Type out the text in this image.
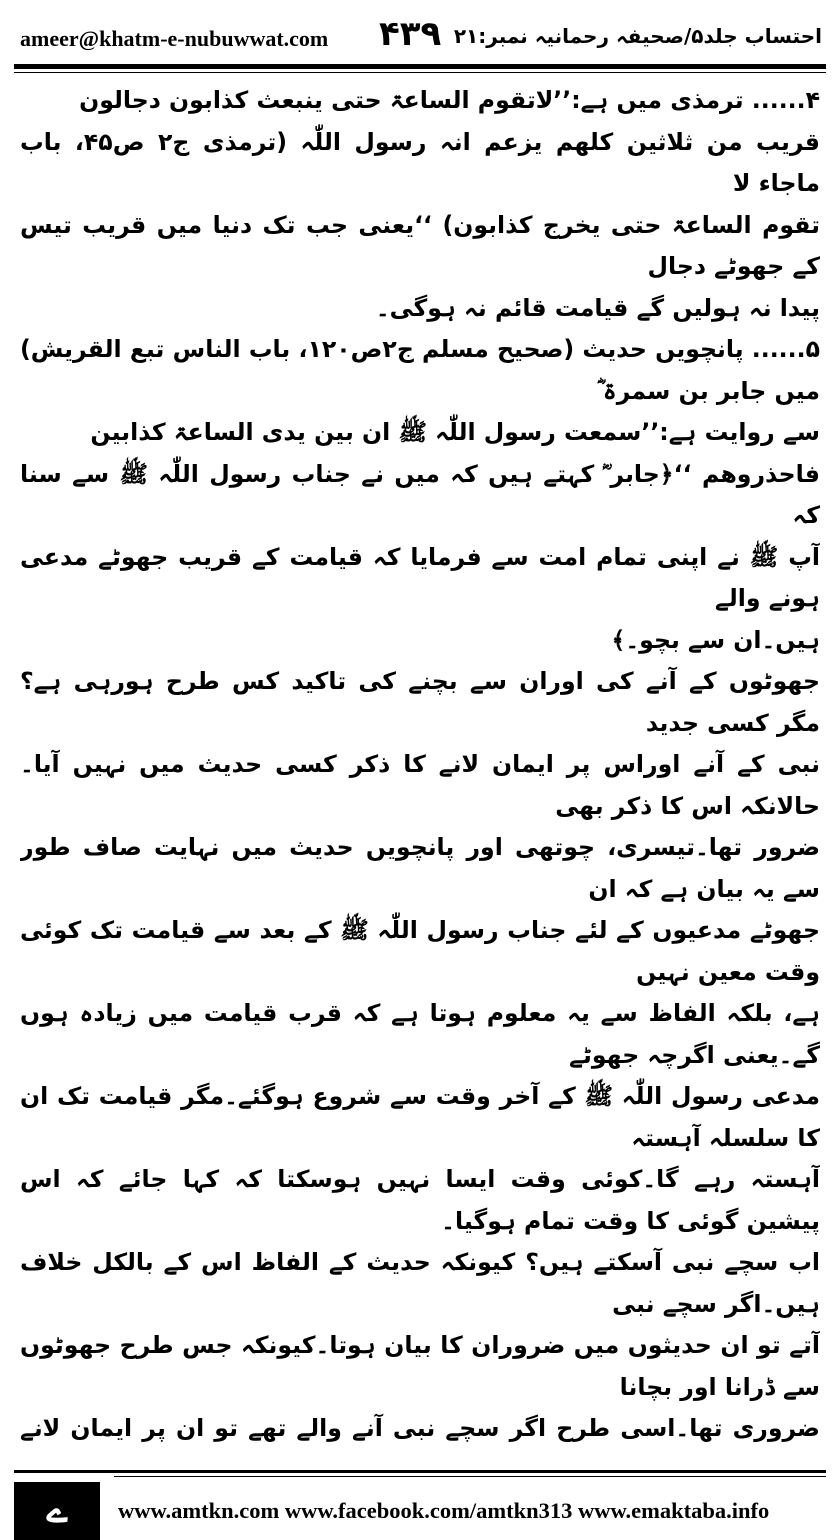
ameer@khatm-e-nubuwwat.com ۴۳۹ احتساب جلد۵/صحیفہ رحمانیہ نمبر:۲۱

۴...... ترمذی میں ہے:’’لاتقوم الساعۃ حتی ینبعث کذابون دجالون

قریب من ثلاثین کلھم یزعم انہ رسول اللّٰہ (ترمذی ج۲ ص۴۵، باب ماجاء لا

تقوم الساعۃ حتی یخرج کذابون) ‘‘یعنی جب تک دنیا میں قریب تیس کے جھوٹے دجال

پیدا نہ ہولیں گے قیامت قائم نہ ہوگی۔

۵...... پانچویں حدیث (صحیح مسلم ج۲ص۱۲۰، باب الناس تبع القریش) میں جابر بن سمرۃ ؓ

سے روایت ہے:’’سمعت رسول اللّٰہ ﷺ ان بین یدی الساعۃ کذابین

فاحذروھم ‘‘﴿جابر ؓ کہتے ہیں کہ میں نے جناب رسول اللّٰہ ﷺ سے سنا کہ

آپ ﷺ نے اپنی تمام امت سے فرمایا کہ قیامت کے قریب جھوٹے مدعی ہونے والے

ہیں۔ان سے بچو۔﴾

جھوٹوں کے آنے کی اوران سے بچنے کی تاکید کس طرح ہورہی ہے؟ مگر کسی جدید

نبی کے آنے اوراس پر ایمان لانے کا ذکر کسی حدیث میں نہیں آیا۔ حالانکہ اس کا ذکر بھی

ضرور تھا۔تیسری، چوتھی اور پانچویں حدیث میں نہایت صاف طور سے یہ بیان ہے کہ ان

جھوٹے مدعیوں کے لئے جناب رسول اللّٰہ ﷺ کے بعد سے قیامت تک کوئی وقت معین نہیں

ہے، بلکہ الفاظ سے یہ معلوم ہوتا ہے کہ قرب قیامت میں زیادہ ہوں گے۔یعنی اگرچہ جھوٹے

مدعی رسول اللّٰہ ﷺ کے آخر وقت سے شروع ہوگئے۔مگر قیامت تک ان کا سلسلہ آہستہ

آہستہ رہے گا۔کوئی وقت ایسا نہیں ہوسکتا کہ کہا جائے کہ اس پیشین گوئی کا وقت تمام ہوگیا۔

اب سچے نبی آسکتے ہیں؟ کیونکہ حدیث کے الفاظ اس کے بالکل خلاف ہیں۔اگر سچے نبی

آتے تو ان حدیثوں میں ضروران کا بیان ہوتا۔کیونکہ جس طرح جھوٹوں سے ڈرانا اور بچانا

ضروری تھا۔اسی طرح اگر سچے نبی آنے والے تھے تو ان پر ایمان لانے

ے	www.amtkn.com www.facebook.com/amtkn313 www.emaktaba.info
